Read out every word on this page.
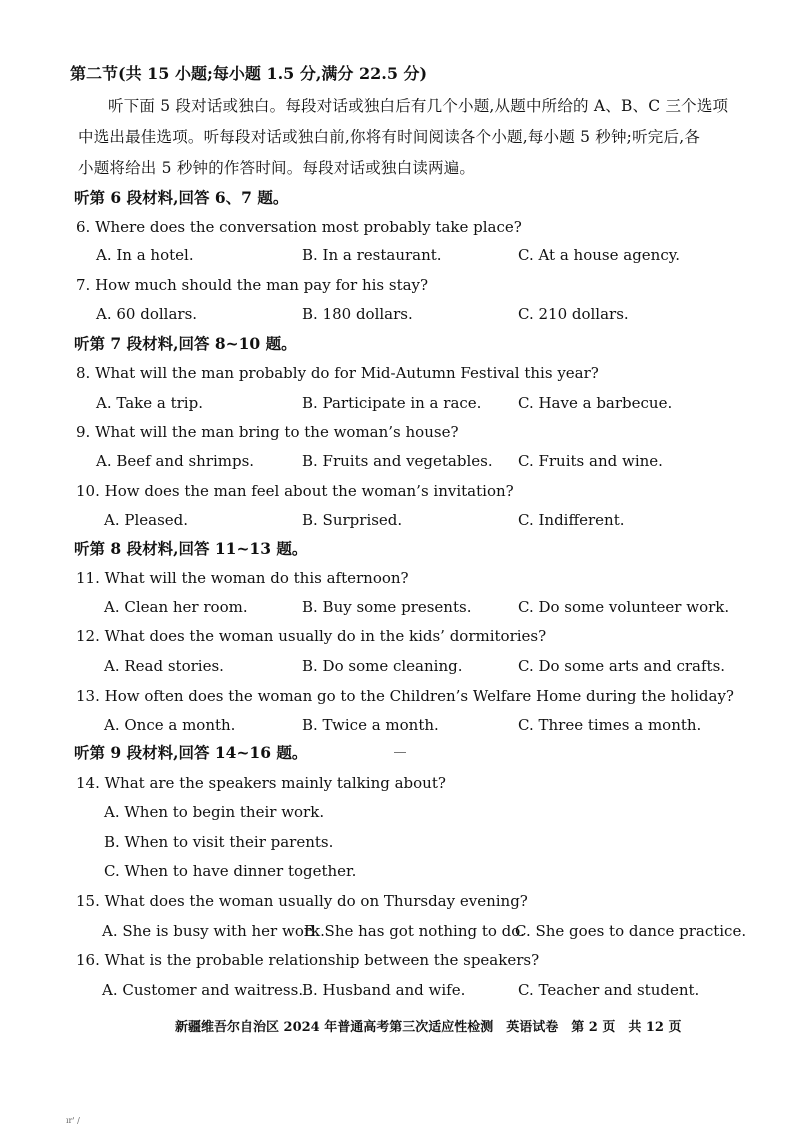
第二节(共 15 小题;每小题 1.5 分,满分 22.5 分)
听下面 5 段对话或独白。每段对话或独白后有几个小题,从题中所给的 A、B、C 三个选项
中选出最佳选项。听每段对话或独白前,你将有时间阅读各个小题,每小题 5 秒钟;听完后,各
小题将给出 5 秒钟的作答时间。每段对话或独白读两遍。
听第 6 段材料,回答 6、7 题。
6. Where does the conversation most probably take place?
A. In a hotel.	B. In a restaurant.	C. At a house agency.
7. How much should the man pay for his stay?
A. 60 dollars.	B. 180 dollars.	C. 210 dollars.
听第 7 段材料,回答 8~10 题。
8. What will the man probably do for Mid-Autumn Festival this year?
A. Take a trip.	B. Participate in a race. C. Have a barbecue.
9. What will the man bring to the woman’s house?
A. Beef and shrimps.	B. Fruits and vegetables. C. Fruits and wine.
10. How does the man feel about the woman’s invitation?
A. Pleased.	B. Surprised.	C. Indifferent.
听第 8 段材料,回答 11~13 题。
11. What will the woman do this afternoon?
A. Clean her room.	B. Buy some presents.	C. Do some volunteer work.
12. What does the woman usually do in the kids’ dormitories?
A. Read stories.	B. Do some cleaning.	C. Do some arts and crafts.
13. How often does the woman go to the Children’s Welfare Home during the holiday?
A. Once a month.	B. Twice a month.	C. Three times a month.
听第 9 段材料,回答 14~16 题。
14. What are the speakers mainly talking about?
A. When to begin their work.
B. When to visit their parents.
C. When to have dinner together.
15. What does the woman usually do on Thursday evening?
A. She is busy with her work.
B. She has got nothing to do.
C. She goes to dance practice.
16. What is the probable relationship between the speakers?
A. Customer and waitress.
B. Husband and wife.	C. Teacher and student.
新疆维吾尔自治区 2024 年普通高考第三次适应性检测　英语试卷　第 2 页　共 12 页
ır' /
